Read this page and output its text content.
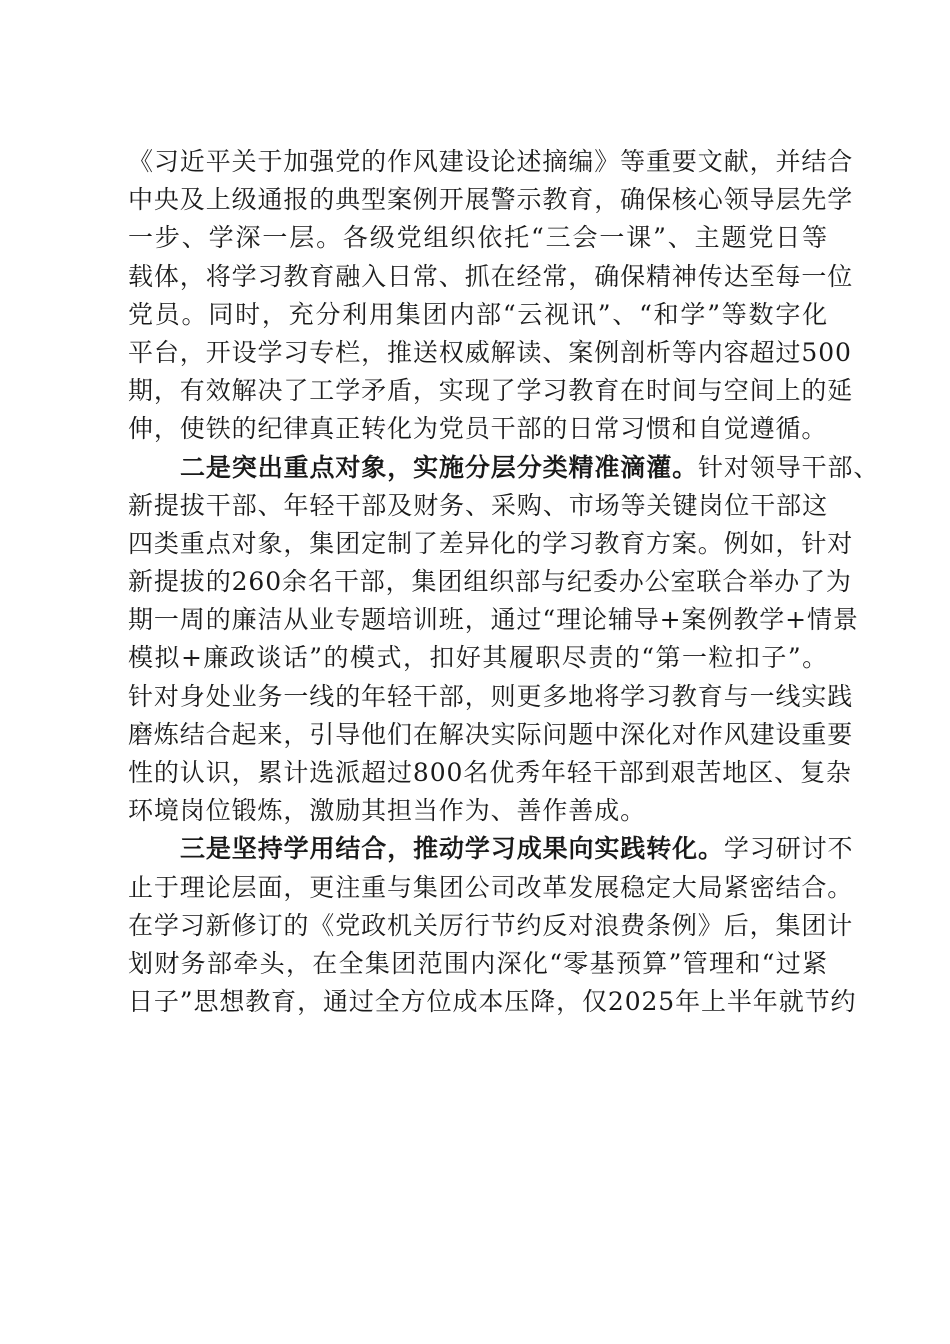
《习近平关于加强党的作风建设论述摘编》等重要文献，并结合
中央及上级通报的典型案例开展警示教育，确保核心领导层先学
一步、学深一层。各级党组织依托“三会一课”、主题党日等
载体，将学习教育融入日常、抓在经常，确保精神传达至每一位
党员。同时，充分利用集团内部“云视讯”、“和学”等数字化
平台，开设学习专栏，推送权威解读、案例剖析等内容超过500
期，有效解决了工学矛盾，实现了学习教育在时间与空间上的延
伸，使铁的纪律真正转化为党员干部的日常习惯和自觉遵循。
二是突出重点对象，实施分层分类精准滴灌。针对领导干部、
新提拔干部、年轻干部及财务、采购、市场等关键岗位干部这
四类重点对象，集团定制了差异化的学习教育方案。例如，针对
新提拔的260余名干部，集团组织部与纪委办公室联合举办了为
期一周的廉洁从业专题培训班，通过“理论辅导+案例教学+情景
模拟+廉政谈话”的模式，扣好其履职尽责的“第一粒扣子”。
针对身处业务一线的年轻干部，则更多地将学习教育与一线实践
磨炼结合起来，引导他们在解决实际问题中深化对作风建设重要
性的认识，累计选派超过800名优秀年轻干部到艰苦地区、复杂
环境岗位锻炼，激励其担当作为、善作善成。
三是坚持学用结合，推动学习成果向实践转化。学习研讨不
止于理论层面，更注重与集团公司改革发展稳定大局紧密结合。
在学习新修订的《党政机关厉行节约反对浪费条例》后，集团计
划财务部牵头，在全集团范围内深化“零基预算”管理和“过紧
日子”思想教育，通过全方位成本压降，仅2025年上半年就节约
